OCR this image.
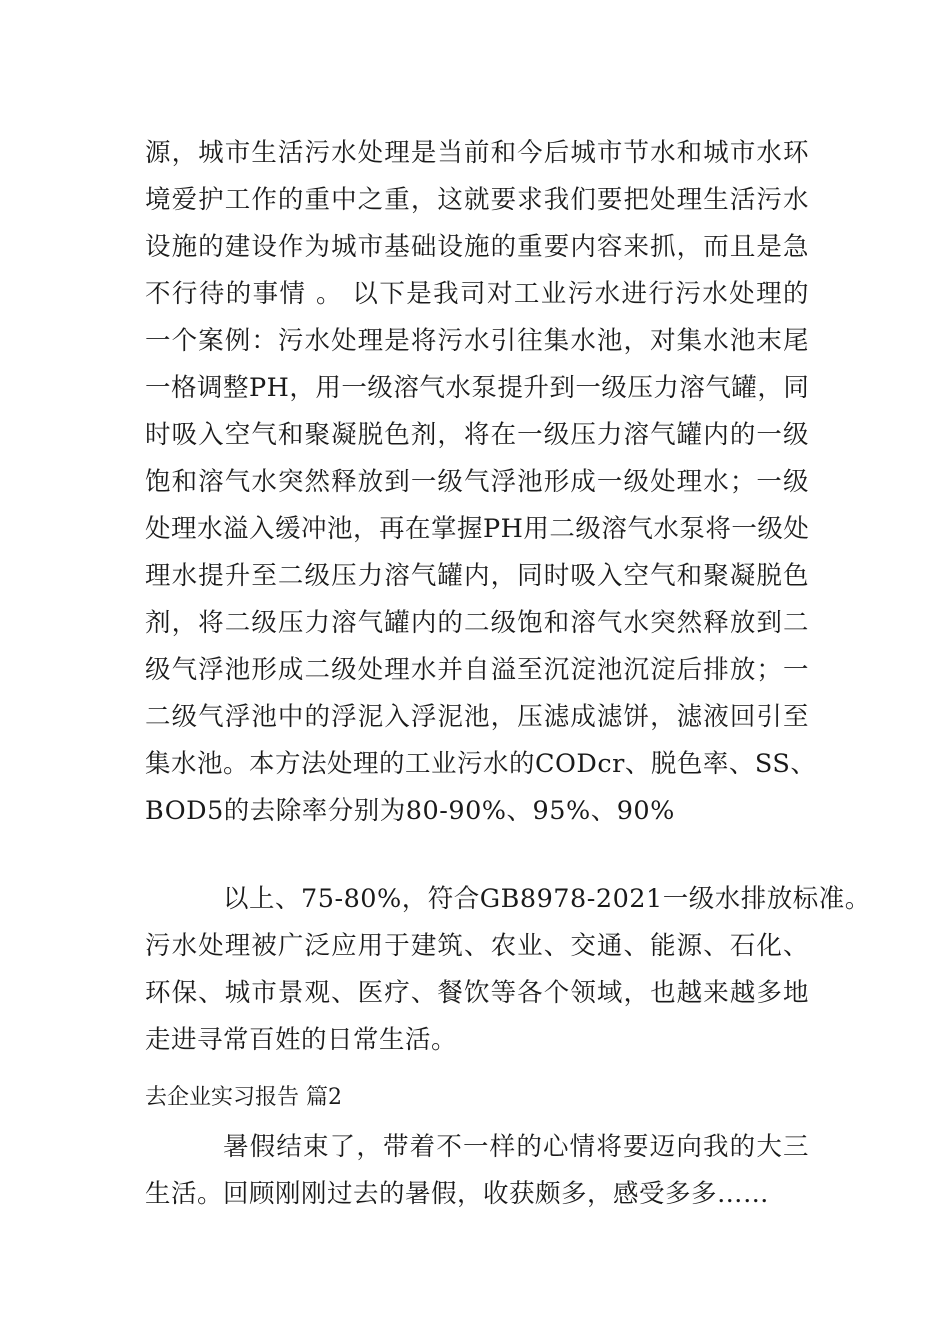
源，城市生活污水处理是当前和今后城市节水和城市水环
境爱护工作的重中之重，这就要求我们要把处理生活污水
设施的建设作为城市基础设施的重要内容来抓，而且是急
不行待的事情 。 以下是我司对工业污水进行污水处理的
一个案例：污水处理是将污水引往集水池，对集水池末尾
一格调整PH，用一级溶气水泵提升到一级压力溶气罐，同
时吸入空气和聚凝脱色剂，将在一级压力溶气罐内的一级
饱和溶气水突然释放到一级气浮池形成一级处理水；一级
处理水溢入缓冲池，再在掌握PH用二级溶气水泵将一级处
理水提升至二级压力溶气罐内，同时吸入空气和聚凝脱色
剂，将二级压力溶气罐内的二级饱和溶气水突然释放到二
级气浮池形成二级处理水并自溢至沉淀池沉淀后排放；一
二级气浮池中的浮泥入浮泥池，压滤成滤饼，滤液回引至
集水池。本方法处理的工业污水的CODcr、脱色率、SS、
BOD5的去除率分别为80-90%、95%、90%
以上、75-80%，符合GB8978-2021一级水排放标准。
污水处理被广泛应用于建筑、农业、交通、能源、石化、
环保、城市景观、医疗、餐饮等各个领域，也越来越多地
走进寻常百姓的日常生活。

去企业实习报告 篇2

暑假结束了，带着不一样的心情将要迈向我的大三
生活。回顾刚刚过去的暑假，收获颇多，感受多多……
